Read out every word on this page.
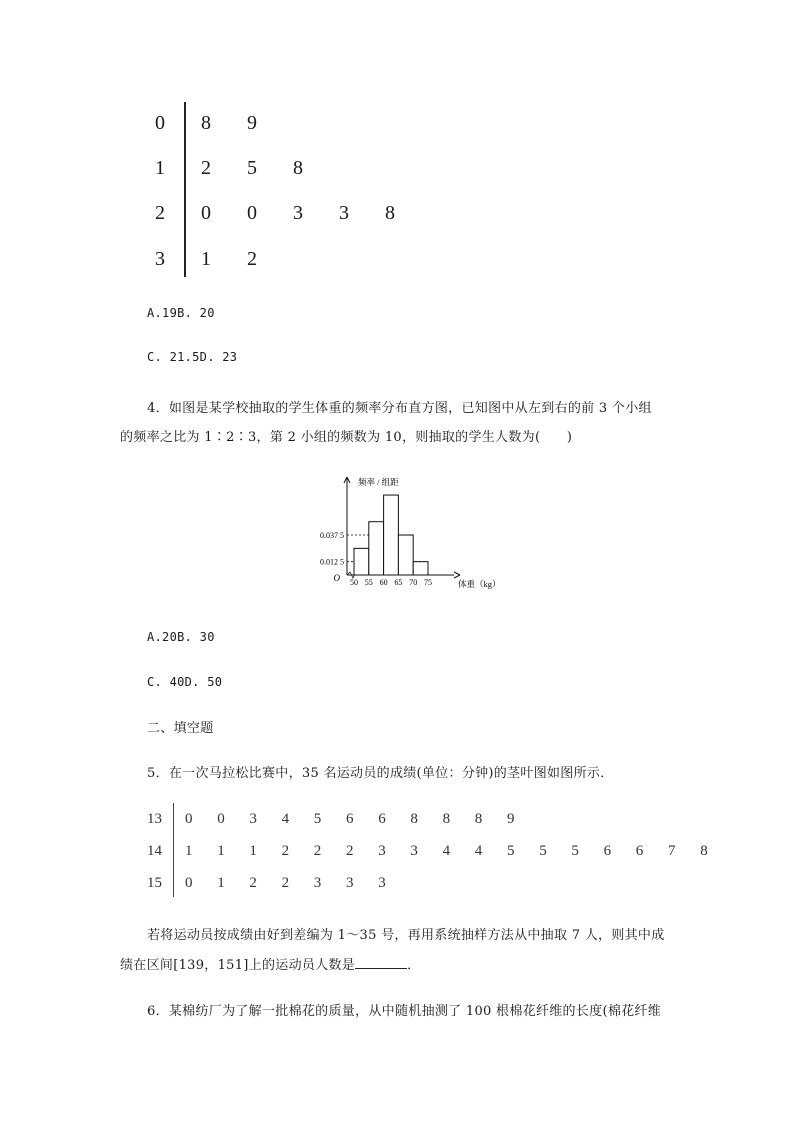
0 8 9
1 2 5 8
2 0 0 3 3 8
3 1 2
A.19B. 20
C. 21.5D. 23
4．如图是某学校抽取的学生体重的频率分布直方图，已知图中从左到右的前 3 个小组
的频率之比为 1∶2∶3，第 2 小组的频数为 10，则抽取的学生人数为(　　)
0.012 5
0.037 5
50 55 60 65 70 75
O
频率 / 组距
体重（kg）
A.20B. 30
C. 40D. 50
二、填空题
5．在一次马拉松比赛中，35 名运动员的成绩(单位：分钟)的茎叶图如图所示．
13 0 0 3 4 5 6 6 8 8 8 9
14 1 1 1 2 2 2 3 3 4 4 5 5 5 6 6 7 8
15 0 1 2 2 3 3 3
若将运动员按成绩由好到差编为 1～35 号，再用系统抽样方法从中抽取 7 人，则其中成
绩在区间[139，151]上的运动员人数是	．
6．某棉纺厂为了解一批棉花的质量，从中随机抽测了 100 根棉花纤维的长度(棉花纤维
